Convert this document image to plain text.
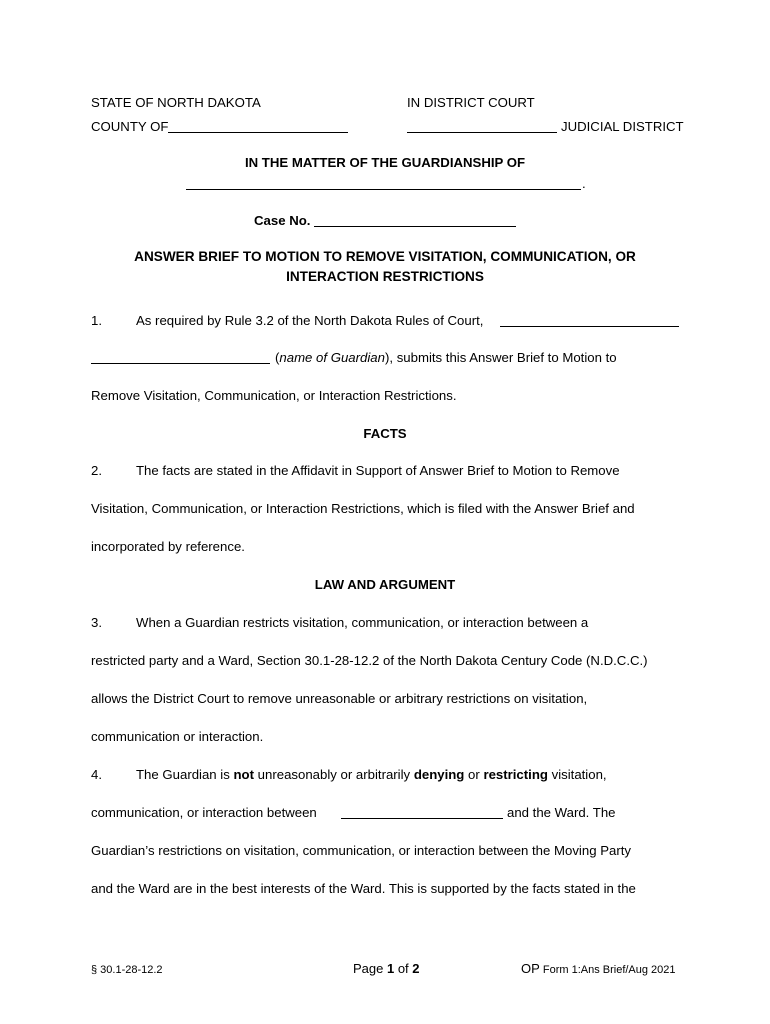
STATE OF NORTH DAKOTA	IN DISTRICT COURT
COUNTY OF	JUDICIAL DISTRICT
IN THE MATTER OF THE GUARDIANSHIP OF
.
Case No.
ANSWER BRIEF TO MOTION TO REMOVE VISITATION, COMMUNICATION, OR
INTERACTION RESTRICTIONS
1.	As required by Rule 3.2 of the North Dakota Rules of Court,
(name of Guardian), submits this Answer Brief to Motion to
Remove Visitation, Communication, or Interaction Restrictions.
FACTS
2.	The facts are stated in the Affidavit in Support of Answer Brief to Motion to Remove
Visitation, Communication, or Interaction Restrictions, which is filed with the Answer Brief and
incorporated by reference.
LAW AND ARGUMENT
3.	When a Guardian restricts visitation, communication, or interaction between a
restricted party and a Ward, Section 30.1-28-12.2 of the North Dakota Century Code (N.D.C.C.)
allows the District Court to remove unreasonable or arbitrary restrictions on visitation,
communication or interaction.
4.	The Guardian is not unreasonably or arbitrarily denying or restricting visitation,
communication, or interaction between	and the Ward. The
Guardian’s restrictions on visitation, communication, or interaction between the Moving Party
and the Ward are in the best interests of the Ward. This is supported by the facts stated in the
§ 30.1-28-12.2	Page 1 of 2	OP Form 1:Ans Brief/Aug 2021
